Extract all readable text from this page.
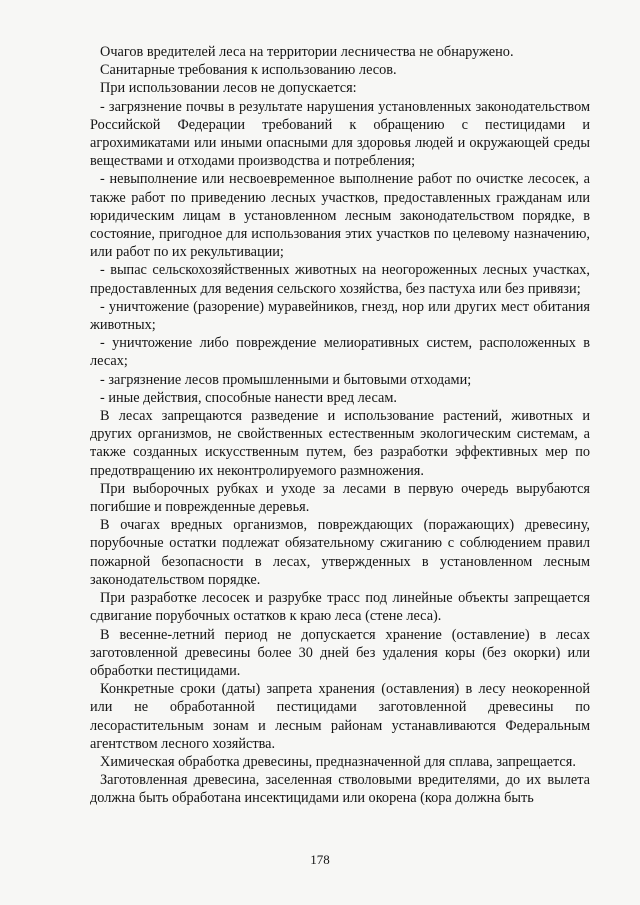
Очагов вредителей леса на территории лесничества не обнаружено.

Санитарные требования к использованию лесов.

При использовании лесов не допускается:

- загрязнение почвы в результате нарушения установленных законодательством Российской Федерации требований к обращению с пестицидами и агрохимикатами или иными опасными для здоровья людей и окружающей среды веществами и отходами производства и потребления;

- невыполнение или несвоевременное выполнение работ по очистке лесосек, а также работ по приведению лесных участков, предоставленных гражданам или юридическим лицам в установленном лесным законодательством порядке, в состояние, пригодное для использования этих участков по целевому назначению, или работ по их рекультивации;

- выпас сельскохозяйственных животных на неогороженных лесных участках, предоставленных для ведения сельского хозяйства, без пастуха или без привязи;

- уничтожение (разорение) муравейников, гнезд, нор или других мест обитания животных;

- уничтожение либо повреждение мелиоративных систем, расположенных в лесах;

- загрязнение лесов промышленными и бытовыми отходами;

- иные действия, способные нанести вред лесам.

В лесах запрещаются разведение и использование растений, животных и других организмов, не свойственных естественным экологическим системам, а также созданных искусственным путем, без разработки эффективных мер по предотвращению их неконтролируемого размножения.

При выборочных рубках и уходе за лесами в первую очередь вырубаются погибшие и поврежденные деревья.

В очагах вредных организмов, повреждающих (поражающих) древесину, порубочные остатки подлежат обязательному сжиганию с соблюдением правил пожарной безопасности в лесах, утвержденных в установленном лесным законодательством порядке.

При разработке лесосек и разрубке трасс под линейные объекты запрещается сдвигание порубочных остатков к краю леса (стене леса).

В весенне-летний период не допускается хранение (оставление) в лесах заготовленной древесины более 30 дней без удаления коры (без окорки) или обработки пестицидами.

Конкретные сроки (даты) запрета хранения (оставления) в лесу неокоренной или не обработанной пестицидами заготовленной древесины по лесорастительным зонам и лесным районам устанавливаются Федеральным агентством лесного хозяйства.

Химическая обработка древесины, предназначенной для сплава, запрещается.

Заготовленная древесина, заселенная стволовыми вредителями, до их вылета должна быть обработана инсектицидами или окорена (кора должна быть

178
